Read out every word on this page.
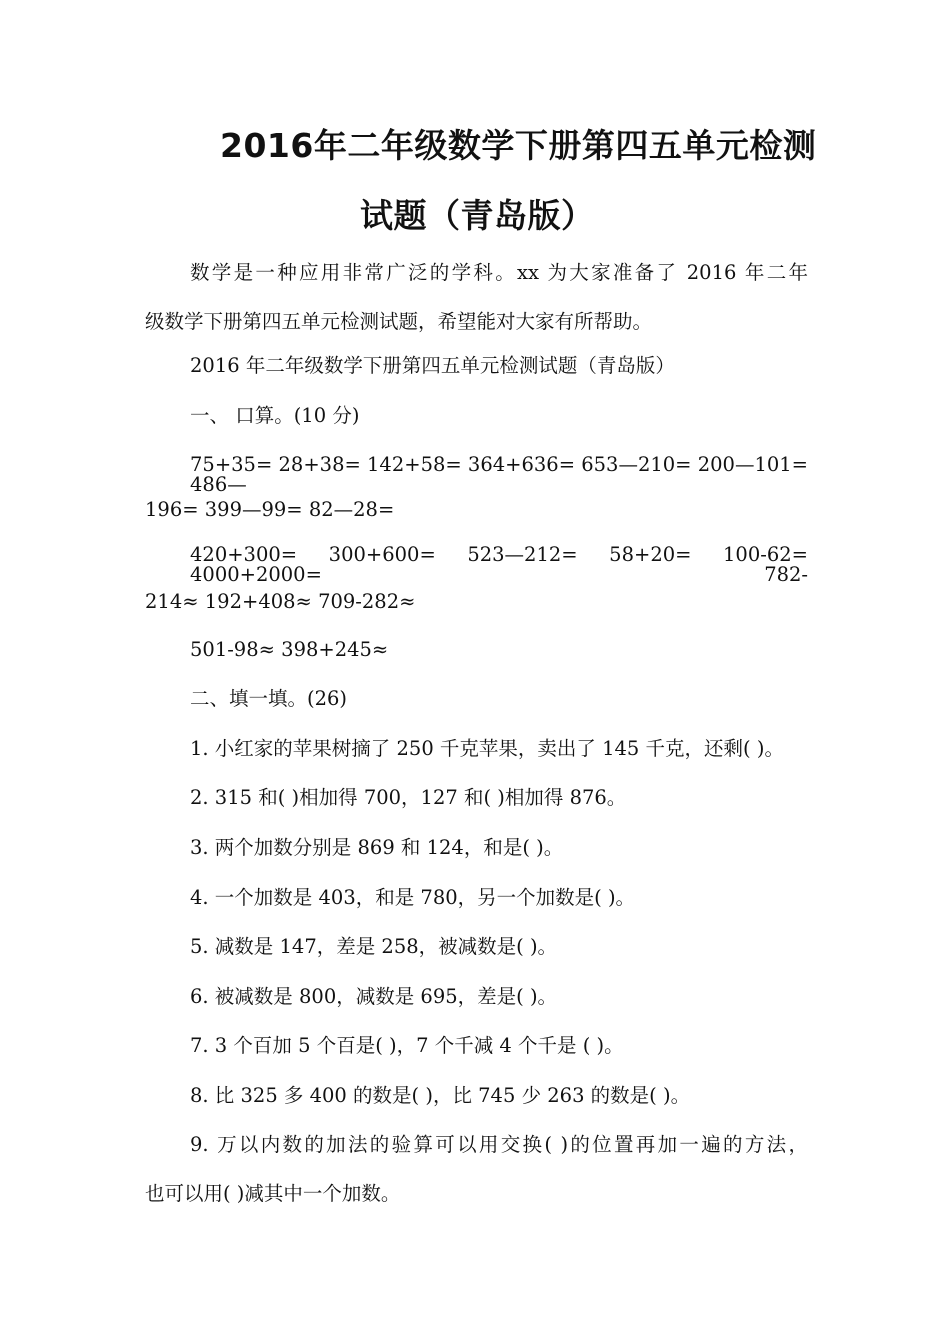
2016年二年级数学下册第四五单元检测
试题（青岛版）
数学是一种应用非常广泛的学科。xx 为大家准备了 2016 年二年
级数学下册第四五单元检测试题，希望能对大家有所帮助。
2016 年二年级数学下册第四五单元检测试题（青岛版）
一、 口算。(10 分)
75+35= 28+38= 142+58= 364+636= 653—210= 200—101= 486—
196= 399—99= 82—28=
420+300= 300+600= 523—212= 58+20= 100-62= 4000+2000= 782-
214≈ 192+408≈ 709-282≈
501-98≈ 398+245≈
二、填一填。(26)
1. 小红家的苹果树摘了 250 千克苹果，卖出了 145 千克，还剩( )。
2. 315 和( )相加得 700，127 和( )相加得 876。
3. 两个加数分别是 869 和 124，和是( )。
4. 一个加数是 403，和是 780，另一个加数是( )。
5. 减数是 147，差是 258，被减数是( )。
6. 被减数是 800，减数是 695，差是( )。
7. 3 个百加 5 个百是( )，7 个千减 4 个千是 ( )。
8. 比 325 多 400 的数是( )，比 745 少 263 的数是( )。
9. 万以内数的加法的验算可以用交换( )的位置再加一遍的方法，
也可以用( )减其中一个加数。
